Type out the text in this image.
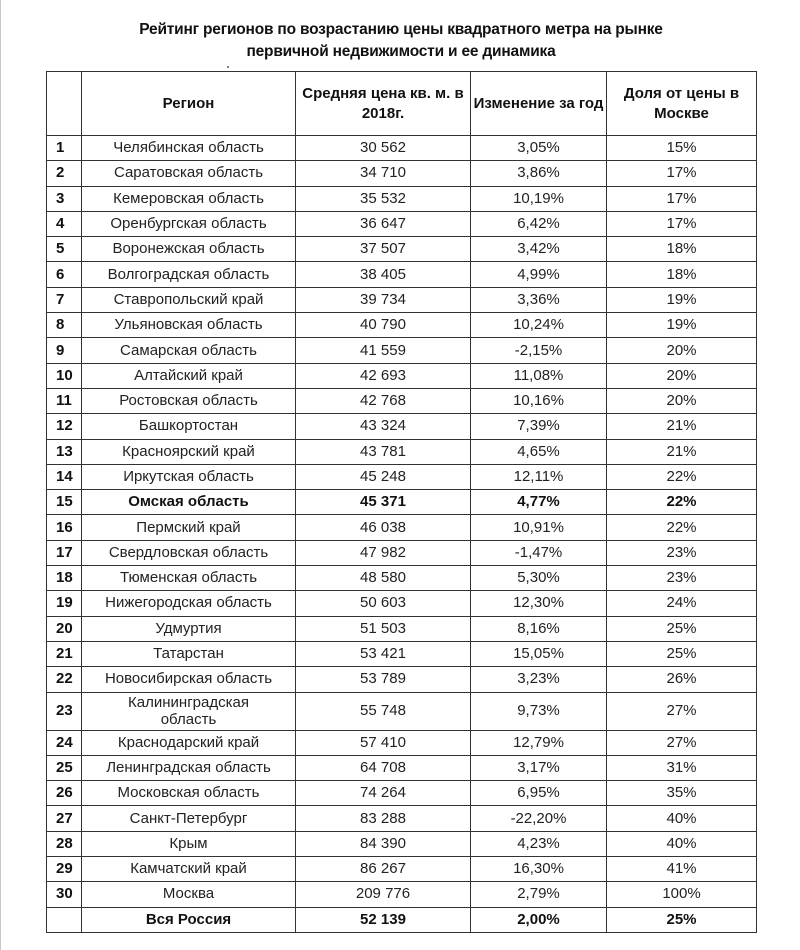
Рейтинг регионов по возрастанию цены квадратного метра на рынке
первичной недвижимости и ее динамика
	Регион	Средняя цена кв. м. в 2018г.	Изменение за год	Доля от цены в Москве
1	Челябинская область	30 562	3,05%	15%
2	Саратовская область	34 710	3,86%	17%
3	Кемеровская область	35 532	10,19%	17%
4	Оренбургская область	36 647	6,42%	17%
5	Воронежская область	37 507	3,42%	18%
6	Волгоградская область	38 405	4,99%	18%
7	Ставропольский край	39 734	3,36%	19%
8	Ульяновская область	40 790	10,24%	19%
9	Самарская область	41 559	-2,15%	20%
10	Алтайский край	42 693	11,08%	20%
11	Ростовская область	42 768	10,16%	20%
12	Башкортостан	43 324	7,39%	21%
13	Красноярский край	43 781	4,65%	21%
14	Иркутская область	45 248	12,11%	22%
15	Омская область	45 371	4,77%	22%
16	Пермский край	46 038	10,91%	22%
17	Свердловская область	47 982	-1,47%	23%
18	Тюменская область	48 580	5,30%	23%
19	Нижегородская область	50 603	12,30%	24%
20	Удмуртия	51 503	8,16%	25%
21	Татарстан	53 421	15,05%	25%
22	Новосибирская область	53 789	3,23%	26%
23	Калининградская область	55 748	9,73%	27%
24	Краснодарский край	57 410	12,79%	27%
25	Ленинградская область	64 708	3,17%	31%
26	Московская область	74 264	6,95%	35%
27	Санкт-Петербург	83 288	-22,20%	40%
28	Крым	84 390	4,23%	40%
29	Камчатский край	86 267	16,30%	41%
30	Москва	209 776	2,79%	100%
	Вся Россия	52 139	2,00%	25%
